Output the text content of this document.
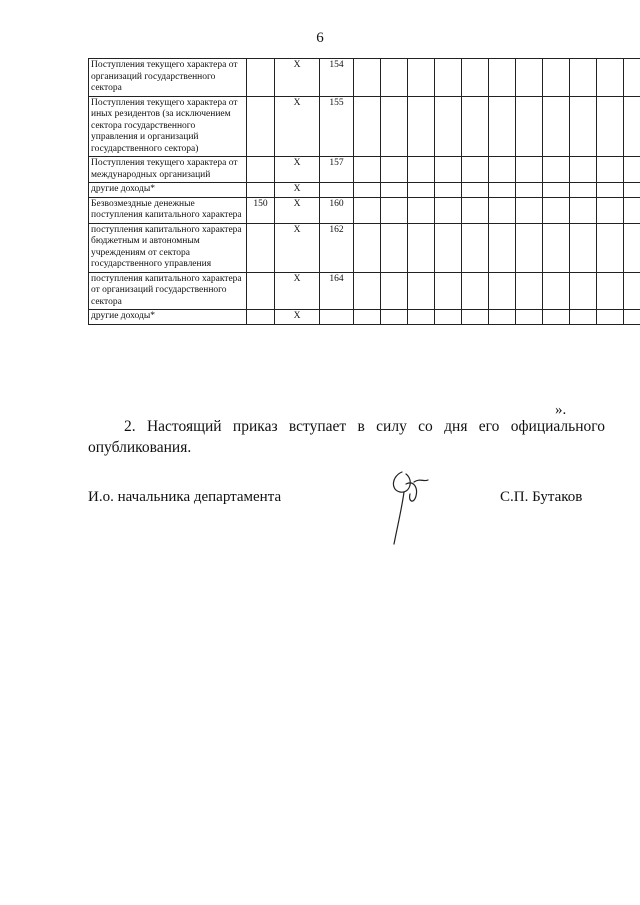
6
Поступления текущего характера от организаций государственного сектора		Х	154												
Поступления текущего характера от иных резидентов (за исключением сектора государственного управления и организаций государственного сектора)		Х	155												
Поступления текущего характера от международных организаций		Х	157												
другие доходы*		Х													
Безвозмездные денежные поступления капитального характера	150	Х	160												
поступления капитального характера бюджетным и автономным учреждениям от сектора государственного управления		Х	162												
поступления капитального характера от организаций государственного сектора		Х	164												
другие доходы*		Х													
».
2. Настоящий приказ вступает в силу со дня его официального опубликования.
И.о. начальника департамента	С.П. Бутаков
